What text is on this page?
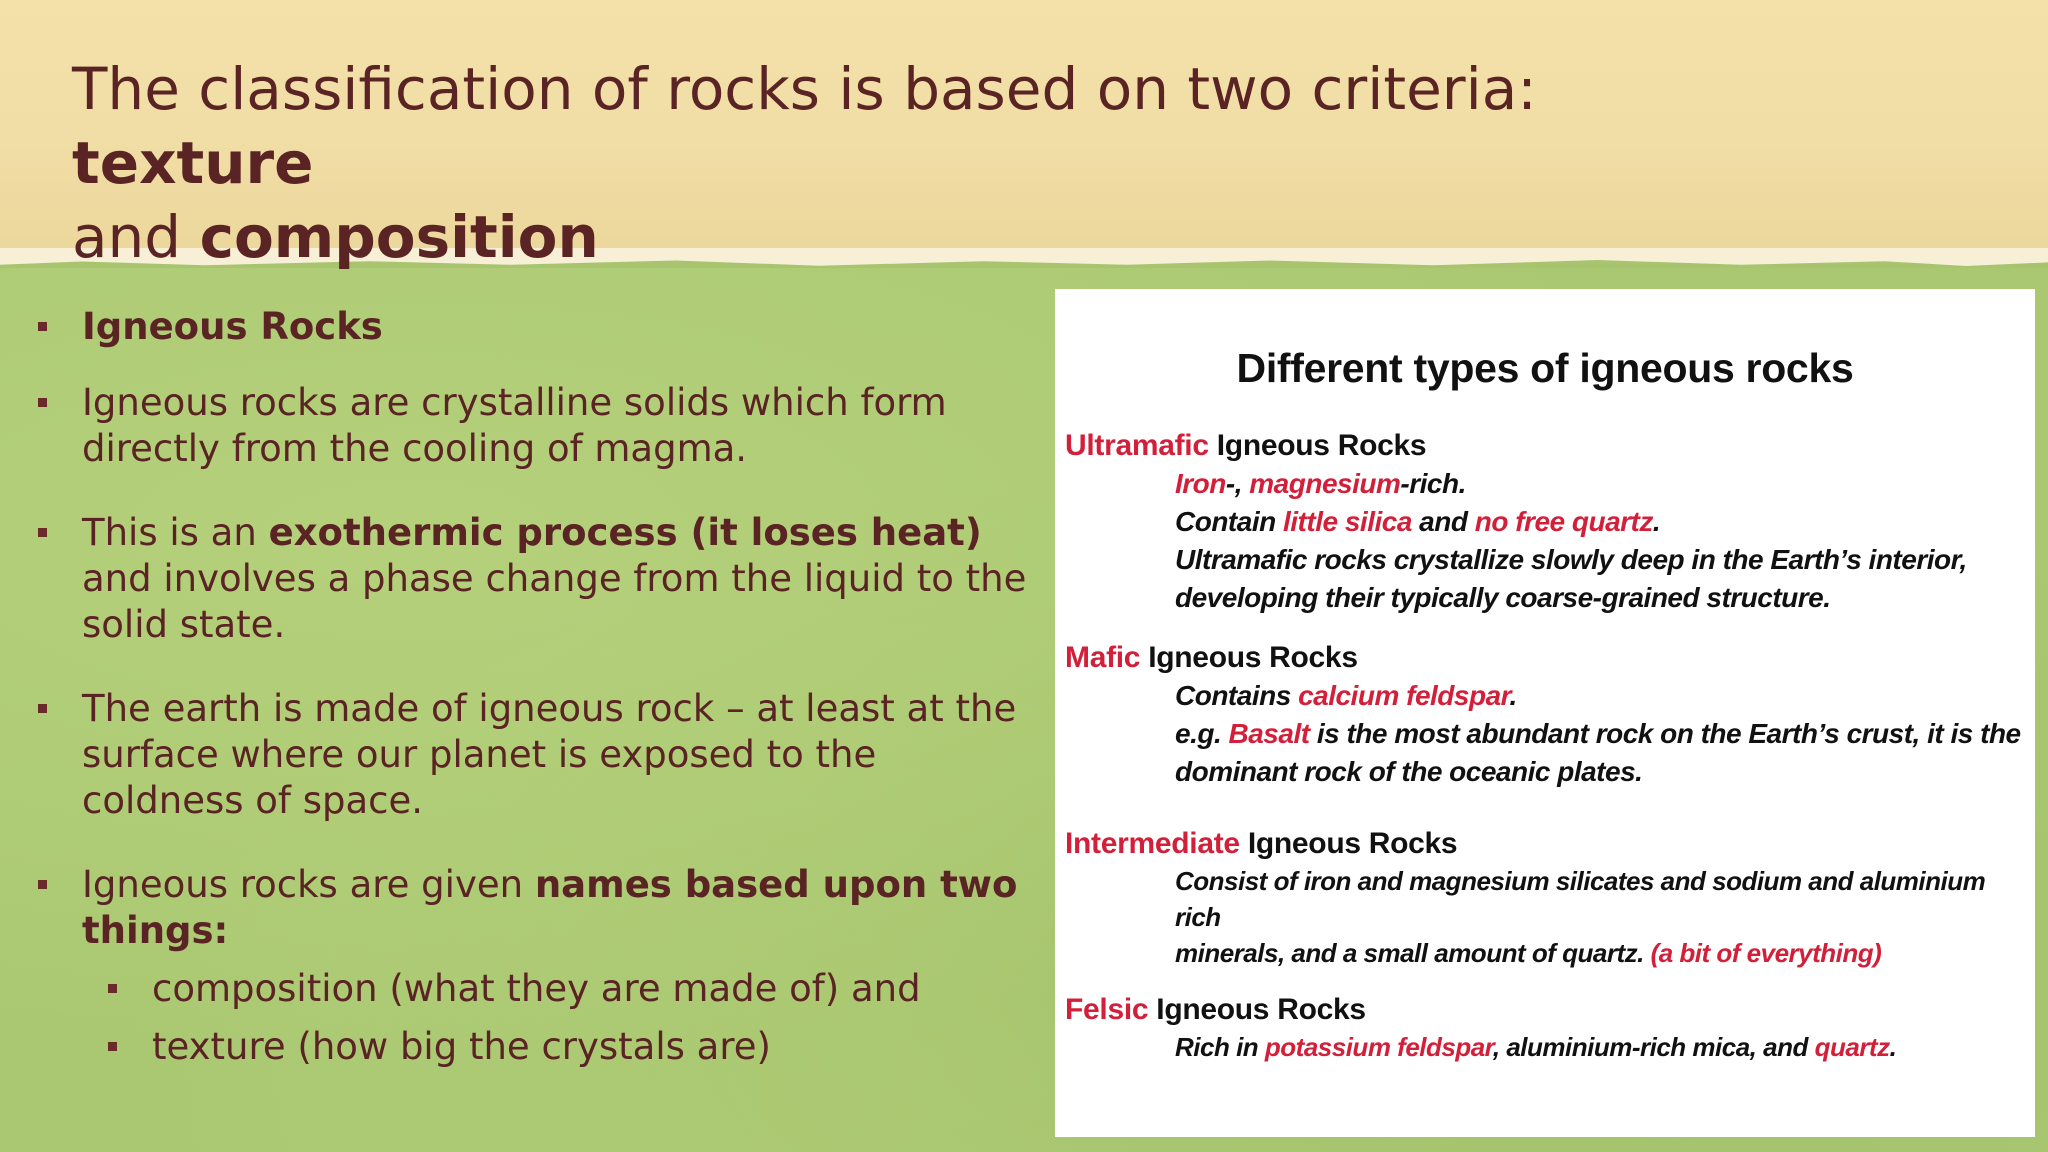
The classification of rocks is based on two criteria: texture
and composition
Igneous Rocks
Igneous rocks are crystalline solids which form directly from the cooling of magma.
This is an exothermic process (it loses heat) and involves a phase change from the liquid to the solid state.
The earth is made of igneous rock – at least at the surface where our planet is exposed to the coldness of space.
Igneous rocks are given names based upon two things:
composition (what they are made of) and
texture (how big the crystals are)
Different types of igneous rocks
Ultramafic Igneous Rocks
Iron-, magnesium-rich.
Contain little silica and no free quartz.
Ultramafic rocks crystallize slowly deep in the Earth’s interior,
developing their typically coarse-grained structure.
Mafic Igneous Rocks
Contains calcium feldspar.
e.g. Basalt is the most abundant rock on the Earth’s crust, it is the
dominant rock of the oceanic plates.
Intermediate Igneous Rocks
Consist of iron and magnesium silicates and sodium and aluminium rich
minerals, and a small amount of quartz. (a bit of everything)
Felsic Igneous Rocks
Rich in potassium feldspar, aluminium-rich mica, and quartz.
